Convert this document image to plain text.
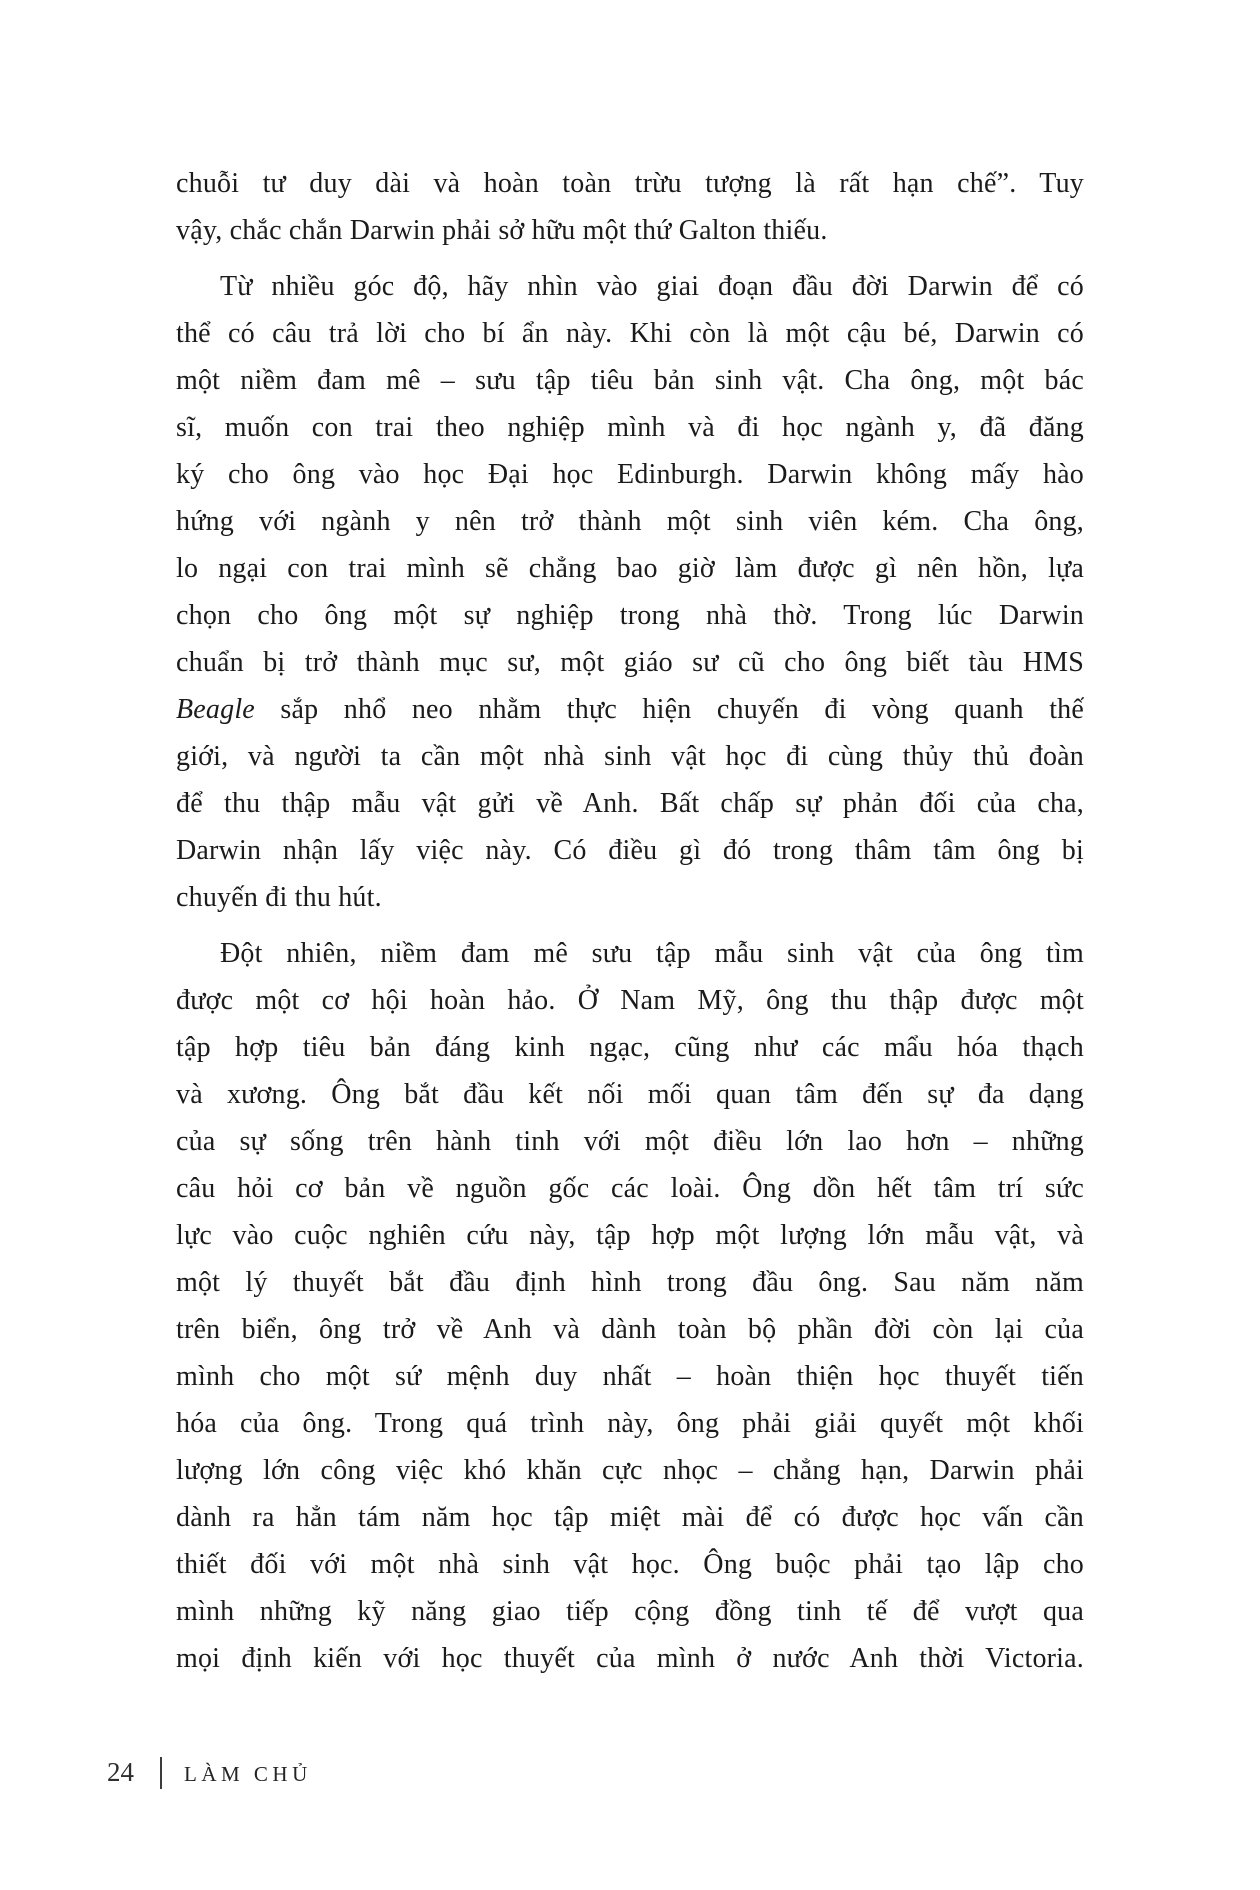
chuỗi tư duy dài và hoàn toàn trừu tượng là rất hạn chế”. Tuy
vậy, chắc chắn Darwin phải sở hữu một thứ Galton thiếu.
Từ nhiều góc độ, hãy nhìn vào giai đoạn đầu đời Darwin để có
thể có câu trả lời cho bí ẩn này. Khi còn là một cậu bé, Darwin có
một niềm đam mê – sưu tập tiêu bản sinh vật. Cha ông, một bác
sĩ, muốn con trai theo nghiệp mình và đi học ngành y, đã đăng
ký cho ông vào học Đại học Edinburgh. Darwin không mấy hào
hứng với ngành y nên trở thành một sinh viên kém. Cha ông,
lo ngại con trai mình sẽ chẳng bao giờ làm được gì nên hồn, lựa
chọn cho ông một sự nghiệp trong nhà thờ. Trong lúc Darwin
chuẩn bị trở thành mục sư, một giáo sư cũ cho ông biết tàu HMS
Beagle sắp nhổ neo nhằm thực hiện chuyến đi vòng quanh thế
giới, và người ta cần một nhà sinh vật học đi cùng thủy thủ đoàn
để thu thập mẫu vật gửi về Anh. Bất chấp sự phản đối của cha,
Darwin nhận lấy việc này. Có điều gì đó trong thâm tâm ông bị
chuyến đi thu hút.
Đột nhiên, niềm đam mê sưu tập mẫu sinh vật của ông tìm
được một cơ hội hoàn hảo. Ở Nam Mỹ, ông thu thập được một
tập hợp tiêu bản đáng kinh ngạc, cũng như các mẩu hóa thạch
và xương. Ông bắt đầu kết nối mối quan tâm đến sự đa dạng
của sự sống trên hành tinh với một điều lớn lao hơn – những
câu hỏi cơ bản về nguồn gốc các loài. Ông dồn hết tâm trí sức
lực vào cuộc nghiên cứu này, tập hợp một lượng lớn mẫu vật, và
một lý thuyết bắt đầu định hình trong đầu ông. Sau năm năm
trên biển, ông trở về Anh và dành toàn bộ phần đời còn lại của
mình cho một sứ mệnh duy nhất – hoàn thiện học thuyết tiến
hóa của ông. Trong quá trình này, ông phải giải quyết một khối
lượng lớn công việc khó khăn cực nhọc – chẳng hạn, Darwin phải
dành ra hẳn tám năm học tập miệt mài để có được học vấn cần
thiết đối với một nhà sinh vật học. Ông buộc phải tạo lập cho
mình những kỹ năng giao tiếp cộng đồng tinh tế để vượt qua
mọi định kiến với học thuyết của mình ở nước Anh thời Victoria.
24 LÀM CHỦ
